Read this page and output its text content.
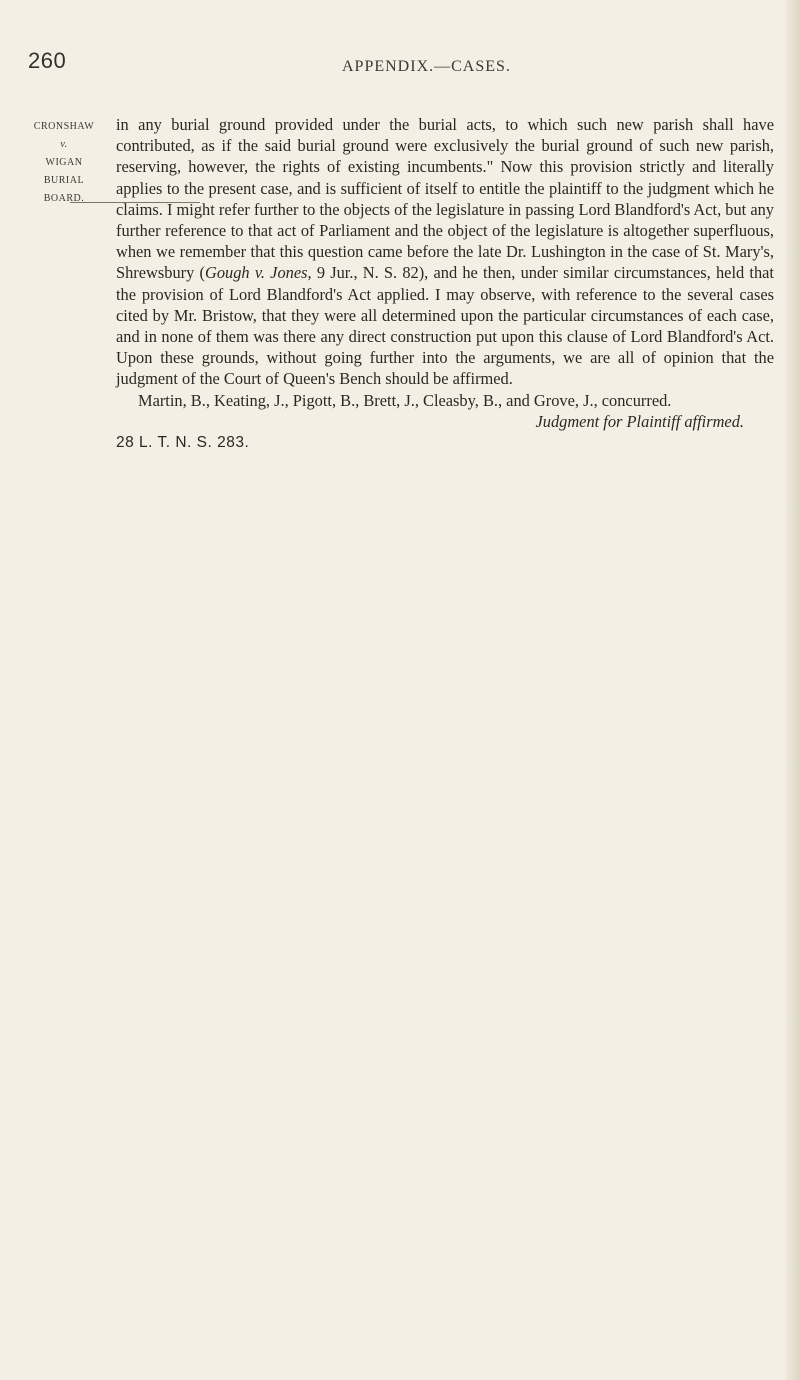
260	APPENDIX.—CASES.
CRONSHAW
v.
WIGAN
BURIAL
BOARD.

in any burial ground provided under the burial acts, to which such new parish shall have contributed, as if the said burial ground were exclusively the burial ground of such new parish, reserving, however, the rights of existing incumbents." Now this provision strictly and literally applies to the present case, and is sufficient of itself to entitle the plaintiff to the judgment which he claims. I might refer further to the objects of the legislature in passing Lord Blandford's Act, but any further reference to that act of Parliament and the object of the legislature is altogether superfluous, when we remember that this question came before the late Dr. Lushington in the case of St. Mary's, Shrewsbury (Gough v. Jones, 9 Jur., N. S. 82), and he then, under similar circumstances, held that the provision of Lord Blandford's Act applied. I may observe, with reference to the several cases cited by Mr. Bristow, that they were all determined upon the particular circumstances of each case, and in none of them was there any direct construction put upon this clause of Lord Blandford's Act. Upon these grounds, without going further into the arguments, we are all of opinion that the judgment of the Court of Queen's Bench should be affirmed.

Martin, B., Keating, J., Pigott, B., Brett, J., Cleasby, B., and Grove, J., concurred.

Judgment for Plaintiff affirmed.

28 L. T. N. S. 283.
